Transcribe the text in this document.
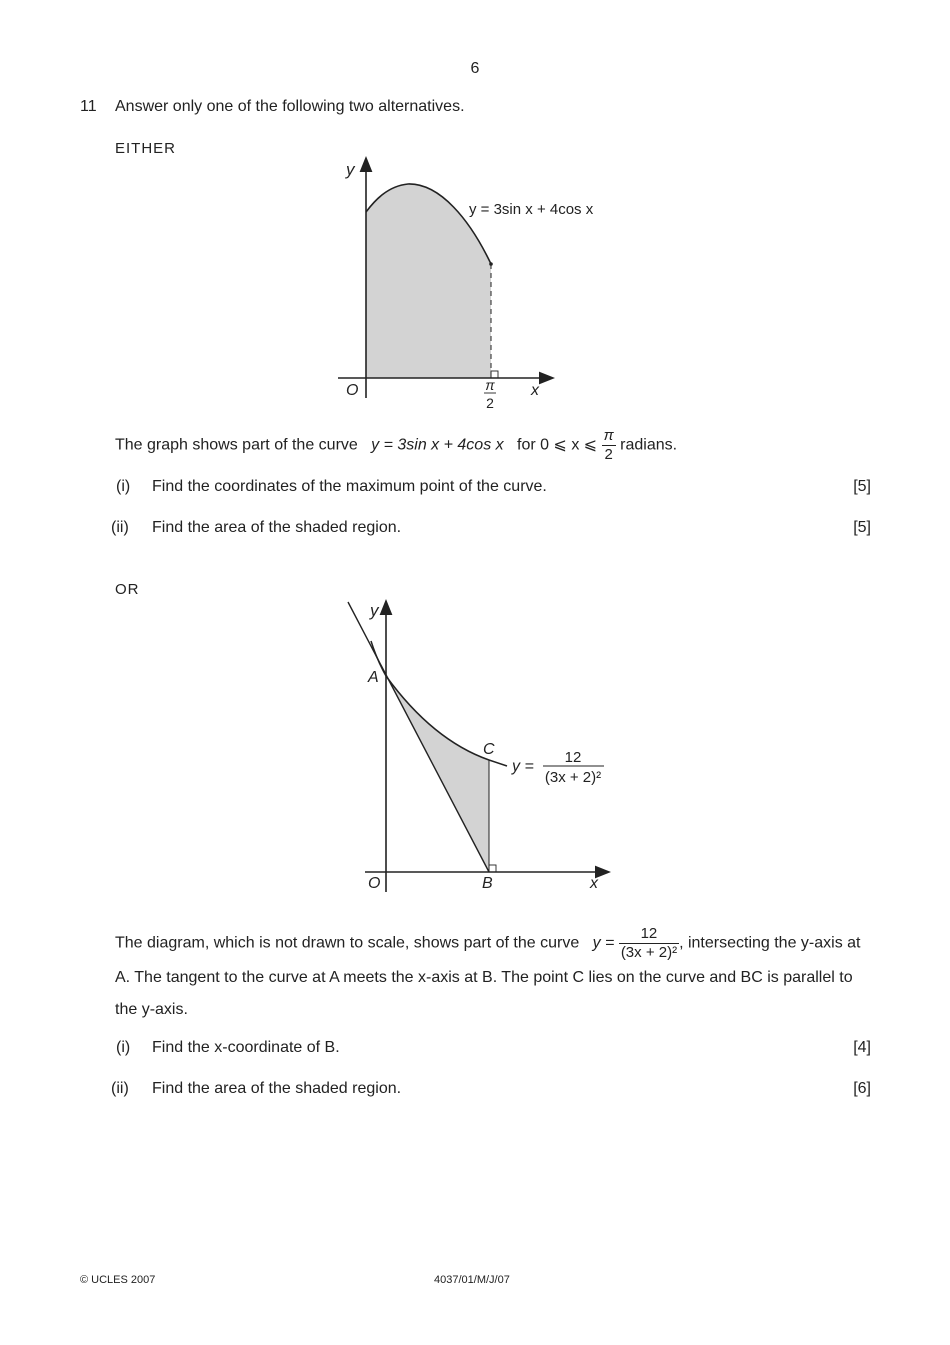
6
11 Answer only one of the following two alternatives.
EITHER
y
x
O	π
2
y = 3sin x + 4cos x
The graph shows part of the curve y = 3sin x + 4cos x for 0 ⩽ x ⩽ $\frac{\pi}{2}$ radians.
(i) Find the coordinates of the maximum point of the curve.	[5]
(ii) Find the area of the shaded region.	[5]
OR
y
x
O
A
B
C
y =
12
(3x + 2)²
The diagram, which is not drawn to scale, shows part of the curve $y = \frac{12}{\text{(3x + 2)²}}$ , intersecting the y-axis at A. The tangent to the curve at A meets the x-axis at B. The point C lies on the curve and BC is parallel to the y-axis.
(i) Find the x-coordinate of B.	[4]
(ii) Find the area of the shaded region.	[6]
© UCLES 2007	4037/01/M/J/07
